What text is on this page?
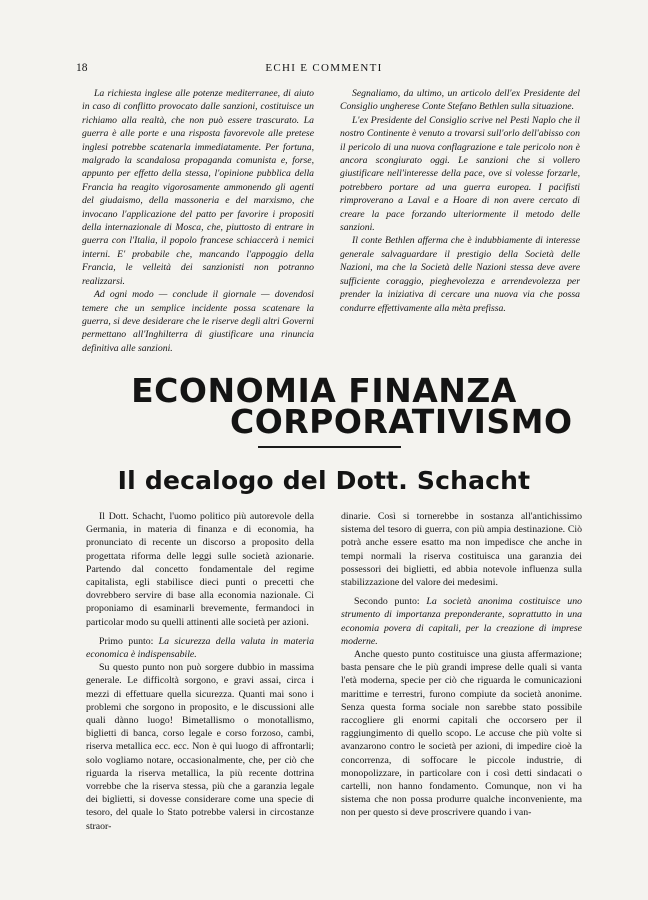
18	ECHI E COMMENTI

La richiesta inglese alle potenze mediterranee, di aiuto in caso di conflitto provocato dalle sanzioni, costituisce un richiamo alla realtà, che non può essere trascurato. La guerra è alle porte e una risposta favorevole alle pretese inglesi potrebbe scatenarla immediatamente. Per fortuna, malgrado la scandalosa propaganda comunista e, forse, appunto per effetto della stessa, l'opinione pubblica della Francia ha reagito vigorosamente ammonendo gli agenti del giudaismo, della massoneria e del marxismo, che invocano l'applicazione del patto per favorire i propositi della internazionale di Mosca, che, piuttosto di entrare in guerra con l'Italia, il popolo francese schiaccerà i nemici interni. E' probabile che, mancando l'appoggio della Francia, le velleità dei sanzionisti non potranno realizzarsi.

Ad ogni modo — conclude il giornale — dovendosi temere che un semplice incidente possa scatenare la guerra, si deve desiderare che le riserve degli altri Governi permettano all'Inghilterra di giustificare una rinuncia definitiva alle sanzioni.

Segnaliamo, da ultimo, un articolo dell'ex Presidente del Consiglio ungherese Conte Stefano Bethlen sulla situazione.

L'ex Presidente del Consiglio scrive nel Pesti Naplo che il nostro Continente è venuto a trovarsi sull'orlo dell'abisso con il pericolo di una nuova conflagrazione e tale pericolo non è ancora scongiurato oggi. Le sanzioni che si vollero giustificare nell'interesse della pace, ove si volesse forzarle, potrebbero portare ad una guerra europea. I pacifisti rimproverano a Laval e a Hoare di non avere cercato di creare la pace forzando ulteriormente il metodo delle sanzioni.

Il conte Bethlen afferma che è indubbiamente di interesse generale salvaguardare il prestigio della Società delle Nazioni, ma che la Società delle Nazioni stessa deve avere sufficiente coraggio, pieghevolezza e arrendevolezza per prender la iniziativa di cercare una nuova via che possa condurre effettivamente alla mèta prefissa.

ECONOMIA FINANZA
CORPORATIVISMO
Il decalogo del Dott. Schacht

Il Dott. Schacht, l'uomo politico più autorevole della Germania, in materia di finanza e di economia, ha pronunciato di recente un discorso a proposito della progettata riforma delle leggi sulle società azionarie. Partendo dal concetto fondamentale del regime capitalista, egli stabilisce dieci punti o precetti che dovrebbero servire di base alla economia nazionale. Ci proponiamo di esaminarli brevemente, fermandoci in particolar modo su quelli attinenti alle società per azioni.

Primo punto: La sicurezza della valuta in materia economica è indispensabile.

Su questo punto non può sorgere dubbio in massima generale. Le difficoltà sorgono, e gravi assai, circa i mezzi di effettuare quella sicurezza. Quanti mai sono i problemi che sorgono in proposito, e le discussioni alle quali dànno luogo! Bimetallismo o monotallismo, biglietti di banca, corso legale e corso forzoso, cambi, riserva metallica ecc. ecc. Non è qui luogo di affrontarli; solo vogliamo notare, occasionalmente, che, per ciò che riguarda la riserva metallica, la più recente dottrina vorrebbe che la riserva stessa, più che a garanzia legale dei biglietti, si dovesse considerare come una specie di tesoro, del quale lo Stato potrebbe valersi in circostanze straor-

dinarie. Così si tornerebbe in sostanza all'antichissimo sistema del tesoro di guerra, con più ampia destinazione. Ciò potrà anche essere esatto ma non impedisce che anche in tempi normali la riserva costituisca una garanzia dei possessori dei biglietti, ed abbia notevole influenza sulla stabilizzazione del valore dei medesimi.

Secondo punto: La società anonima costituisce uno strumento di importanza preponderante, soprattutto in una economia povera di capitali, per la creazione di imprese moderne.

Anche questo punto costituisce una giusta affermazione; basta pensare che le più grandi imprese delle quali si vanta l'età moderna, specie per ciò che riguarda le comunicazioni marittime e terrestri, furono compiute da società anonime. Senza questa forma sociale non sarebbe stato possibile raccogliere gli enormi capitali che occorsero per il raggiungimento di quello scopo. Le accuse che più volte si avanzarono contro le società per azioni, di impedire cioè la concorrenza, di soffocare le piccole industrie, di monopolizzare, in particolare con i così detti sindacati o cartelli, non hanno fondamento. Comunque, non vi ha sistema che non possa produrre qualche inconveniente, ma non per questo si deve proscrivere quando i van-
